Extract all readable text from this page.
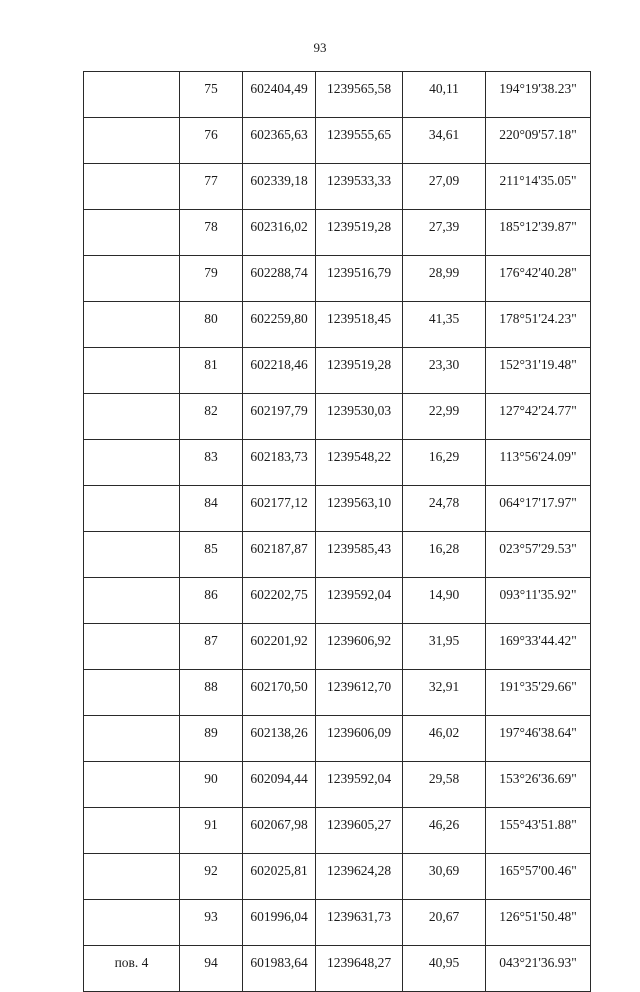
93
	75	602404,49	1239565,58	40,11	194°19'38.23"
	76	602365,63	1239555,65	34,61	220°09'57.18"
	77	602339,18	1239533,33	27,09	211°14'35.05"
	78	602316,02	1239519,28	27,39	185°12'39.87"
	79	602288,74	1239516,79	28,99	176°42'40.28"
	80	602259,80	1239518,45	41,35	178°51'24.23"
	81	602218,46	1239519,28	23,30	152°31'19.48"
	82	602197,79	1239530,03	22,99	127°42'24.77"
	83	602183,73	1239548,22	16,29	113°56'24.09"
	84	602177,12	1239563,10	24,78	064°17'17.97"
	85	602187,87	1239585,43	16,28	023°57'29.53"
	86	602202,75	1239592,04	14,90	093°11'35.92"
	87	602201,92	1239606,92	31,95	169°33'44.42"
	88	602170,50	1239612,70	32,91	191°35'29.66"
	89	602138,26	1239606,09	46,02	197°46'38.64"
	90	602094,44	1239592,04	29,58	153°26'36.69"
	91	602067,98	1239605,27	46,26	155°43'51.88"
	92	602025,81	1239624,28	30,69	165°57'00.46"
	93	601996,04	1239631,73	20,67	126°51'50.48"
пов. 4	94	601983,64	1239648,27	40,95	043°21'36.93"
